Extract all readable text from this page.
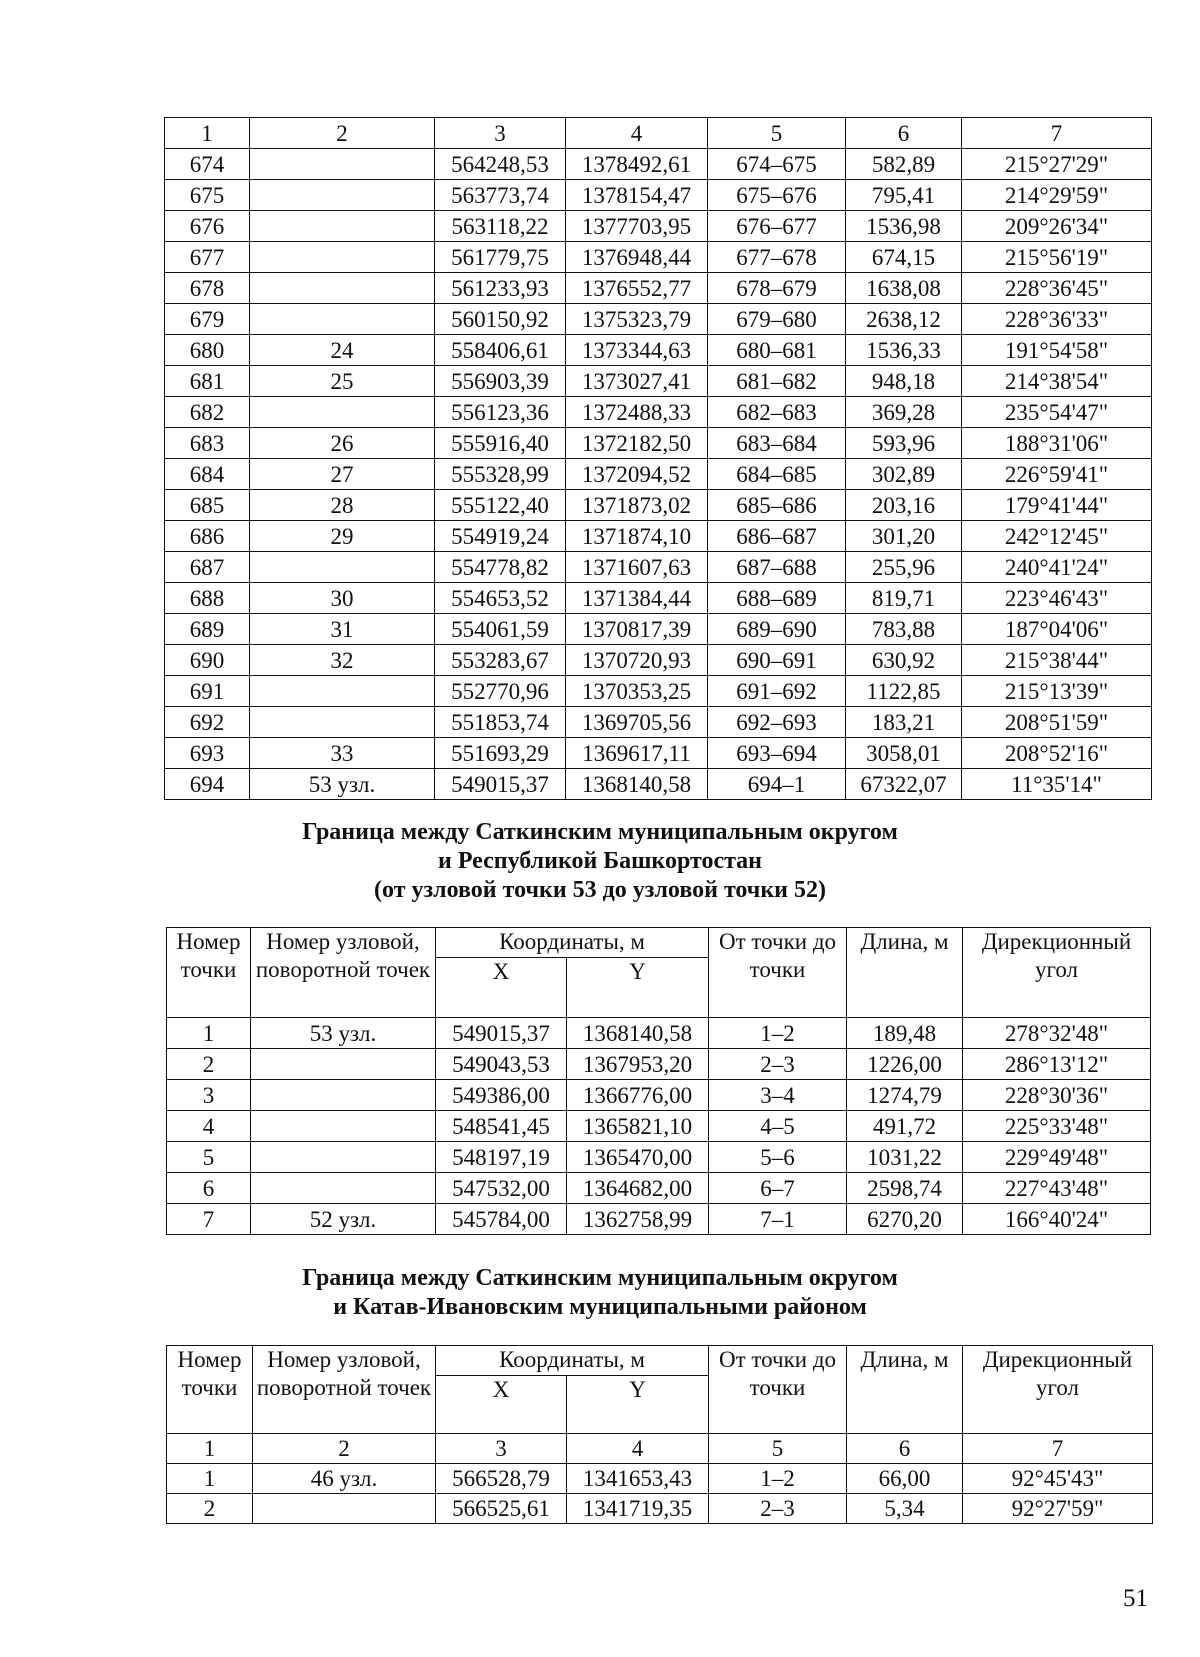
1	2	3	4	5	6	7
674		564248,53	1378492,61	674–675	582,89	215°27'29"
675		563773,74	1378154,47	675–676	795,41	214°29'59"
676		563118,22	1377703,95	676–677	1536,98	209°26'34"
677		561779,75	1376948,44	677–678	674,15	215°56'19"
678		561233,93	1376552,77	678–679	1638,08	228°36'45"
679		560150,92	1375323,79	679–680	2638,12	228°36'33"
680	24	558406,61	1373344,63	680–681	1536,33	191°54'58"
681	25	556903,39	1373027,41	681–682	948,18	214°38'54"
682		556123,36	1372488,33	682–683	369,28	235°54'47"
683	26	555916,40	1372182,50	683–684	593,96	188°31'06"
684	27	555328,99	1372094,52	684–685	302,89	226°59'41"
685	28	555122,40	1371873,02	685–686	203,16	179°41'44"
686	29	554919,24	1371874,10	686–687	301,20	242°12'45"
687		554778,82	1371607,63	687–688	255,96	240°41'24"
688	30	554653,52	1371384,44	688–689	819,71	223°46'43"
689	31	554061,59	1370817,39	689–690	783,88	187°04'06"
690	32	553283,67	1370720,93	690–691	630,92	215°38'44"
691		552770,96	1370353,25	691–692	1122,85	215°13'39"
692		551853,74	1369705,56	692–693	183,21	208°51'59"
693	33	551693,29	1369617,11	693–694	3058,01	208°52'16"
694	53 узл.	549015,37	1368140,58	694–1	67322,07	11°35'14"
Граница между Саткинским муниципальным округом
и Республикой Башкортостан
(от узловой точки 53 до узловой точки 52)
Номер точки	Номер узловой, поворотной точек	Координаты, м		От точки до точки	Длина, м	Дирекционный угол
		X	Y			
1	53 узл.	549015,37	1368140,58	1–2	189,48	278°32'48"
2		549043,53	1367953,20	2–3	1226,00	286°13'12"
3		549386,00	1366776,00	3–4	1274,79	228°30'36"
4		548541,45	1365821,10	4–5	491,72	225°33'48"
5		548197,19	1365470,00	5–6	1031,22	229°49'48"
6		547532,00	1364682,00	6–7	2598,74	227°43'48"
7	52 узл.	545784,00	1362758,99	7–1	6270,20	166°40'24"
Граница между Саткинским муниципальным округом
и Катав-Ивановским муниципальными районом
Номер точки	Номер узловой, поворотной точек	Координаты, м		От точки до точки	Длина, м	Дирекционный угол
		X	Y			
1	2	3	4	5	6	7
1	46 узл.	566528,79	1341653,43	1–2	66,00	92°45'43"
2		566525,61	1341719,35	2–3	5,34	92°27'59"
51
